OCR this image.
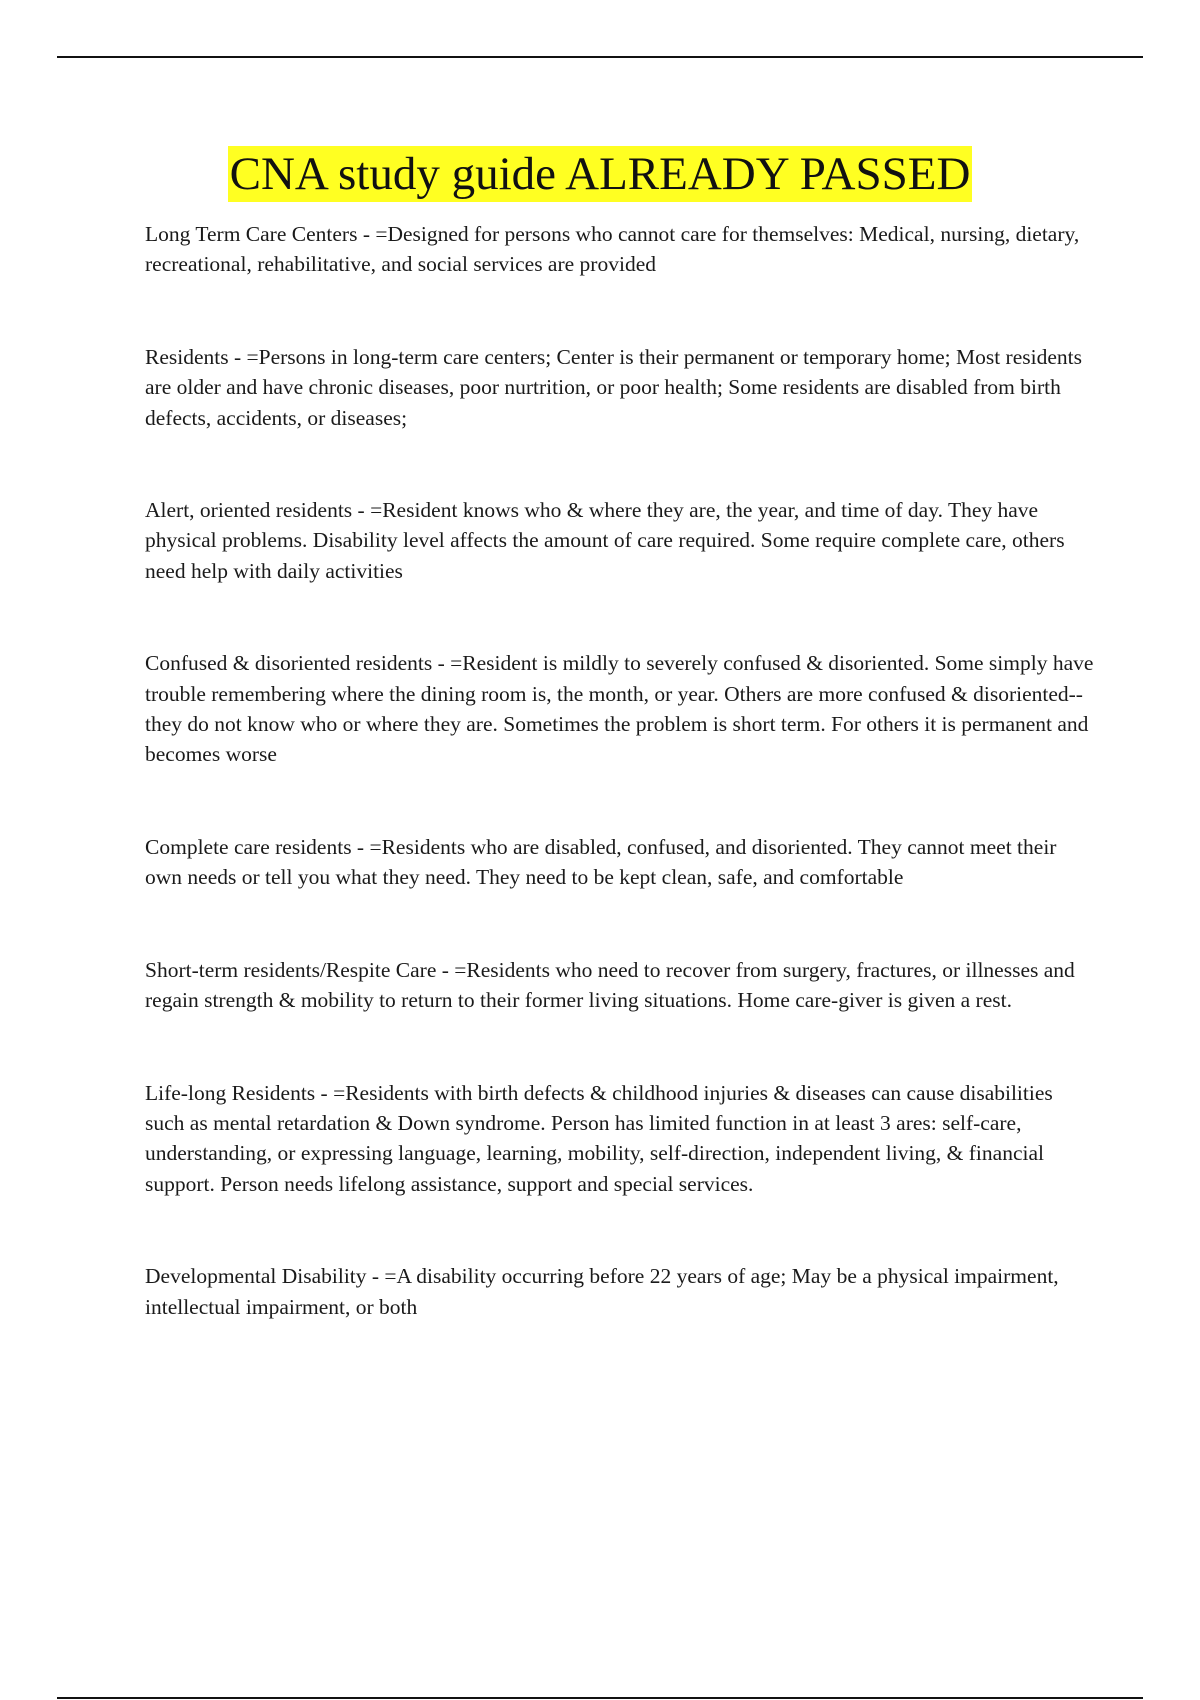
CNA study guide ALREADY PASSED

Long Term Care Centers - =Designed for persons who cannot care for themselves: Medical, nursing, dietary, recreational, rehabilitative, and social services are provided

Residents - =Persons in long-term care centers; Center is their permanent or temporary home; Most residents are older and have chronic diseases, poor nurtrition, or poor health; Some residents are disabled from birth defects, accidents, or diseases;

Alert, oriented residents - =Resident knows who & where they are, the year, and time of day. They have physical problems. Disability level affects the amount of care required. Some require complete care, others need help with daily activities

Confused & disoriented residents - =Resident is mildly to severely confused & disoriented. Some simply have trouble remembering where the dining room is, the month, or year. Others are more confused & disoriented--they do not know who or where they are. Sometimes the problem is short term. For others it is permanent and becomes worse

Complete care residents - =Residents who are disabled, confused, and disoriented. They cannot meet their own needs or tell you what they need. They need to be kept clean, safe, and comfortable

Short-term residents/Respite Care - =Residents who need to recover from surgery, fractures, or illnesses and regain strength & mobility to return to their former living situations. Home care-giver is given a rest.

Life-long Residents - =Residents with birth defects & childhood injuries & diseases can cause disabilities such as mental retardation & Down syndrome. Person has limited function in at least 3 ares: self-care, understanding, or expressing language, learning, mobility, self-direction, independent living, & financial support. Person needs lifelong assistance, support and special services.

Developmental Disability - =A disability occurring before 22 years of age; May be a physical impairment, intellectual impairment, or both
